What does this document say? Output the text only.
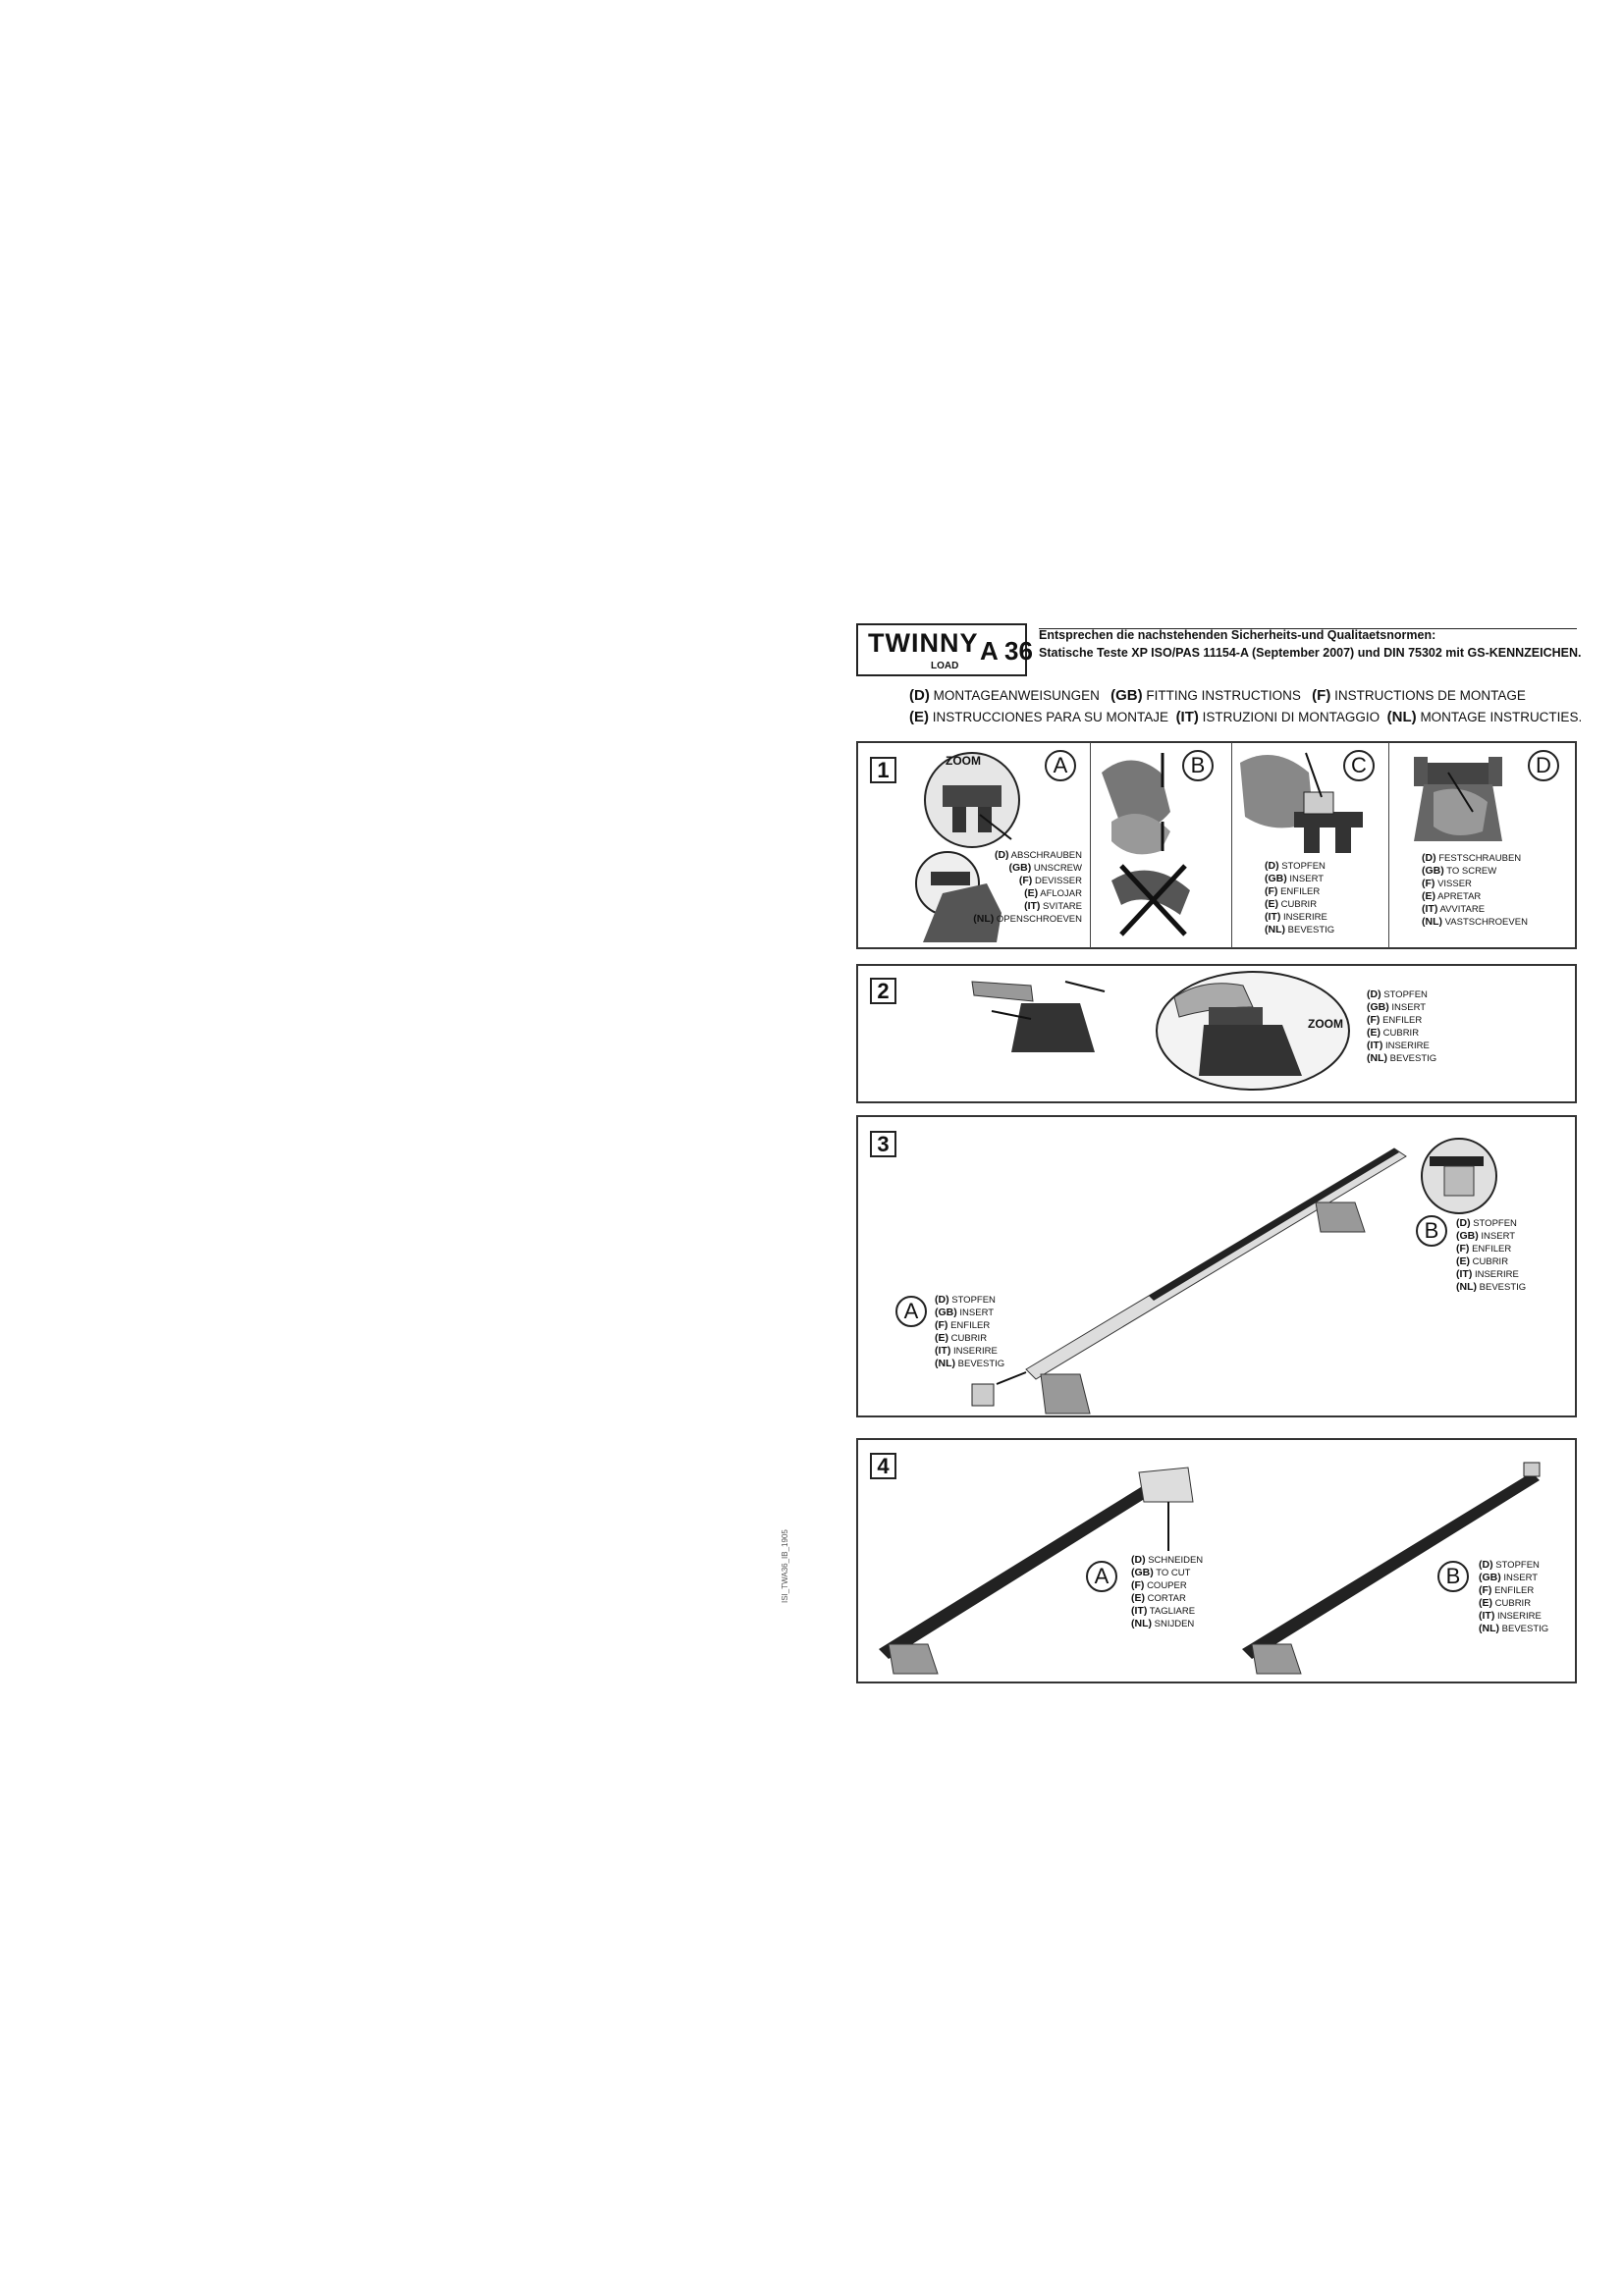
TWINNY
LOAD
A 36
Entsprechen die nachstehenden Sicherheits-und Qualitaetsnormen:
Statische Teste XP ISO/PAS 11154-A (September 2007) und DIN 75302 mit GS-KENNZEICHEN.
(D) MONTAGEANWEISUNGEN (GB) FITTING INSTRUCTIONS (F) INSTRUCTIONS DE MONTAGE
(E) INSTRUCCIONES PARA SU MONTAJE (IT) ISTRUZIONI DI MONTAGGIO (NL) MONTAGE INSTRUCTIES.
1	ZOOM	A
(D) ABSCHRAUBEN
(GB) UNSCREW
(F) DEVISSER
(E) AFLOJAR
(IT) SVITARE
(NL) OPENSCHROEVEN
B	C
(D) STOPFEN
(GB) INSERT
(F) ENFILER
(E) CUBRIR
(IT) INSERIRE
(NL) BEVESTIG
D
(D) FESTSCHRAUBEN
(GB) TO SCREW
(F) VISSER
(E) APRETAR
(IT) AVVITARE
(NL) VASTSCHROEVEN
2
ZOOM
(D) STOPFEN
(GB) INSERT
(F) ENFILER
(E) CUBRIR
(IT) INSERIRE
(NL) BEVESTIG
3
B	(D) STOPFEN
(GB) INSERT
(F) ENFILER
(E) CUBRIR
(IT) INSERIRE
(NL) BEVESTIG
A	(D) STOPFEN
(GB) INSERT
(F) ENFILER
(E) CUBRIR
(IT) INSERIRE
(NL) BEVESTIG
4
A
(D) SCHNEIDEN
(GB) TO CUT
(F) COUPER
(E) CORTAR
(IT) TAGLIARE
(NL) SNIJDEN
B	(D) STOPFEN
(GB) INSERT
(F) ENFILER
(E) CUBRIR
(IT) INSERIRE
(NL) BEVESTIG
ISI_TWA36_IB_1905
